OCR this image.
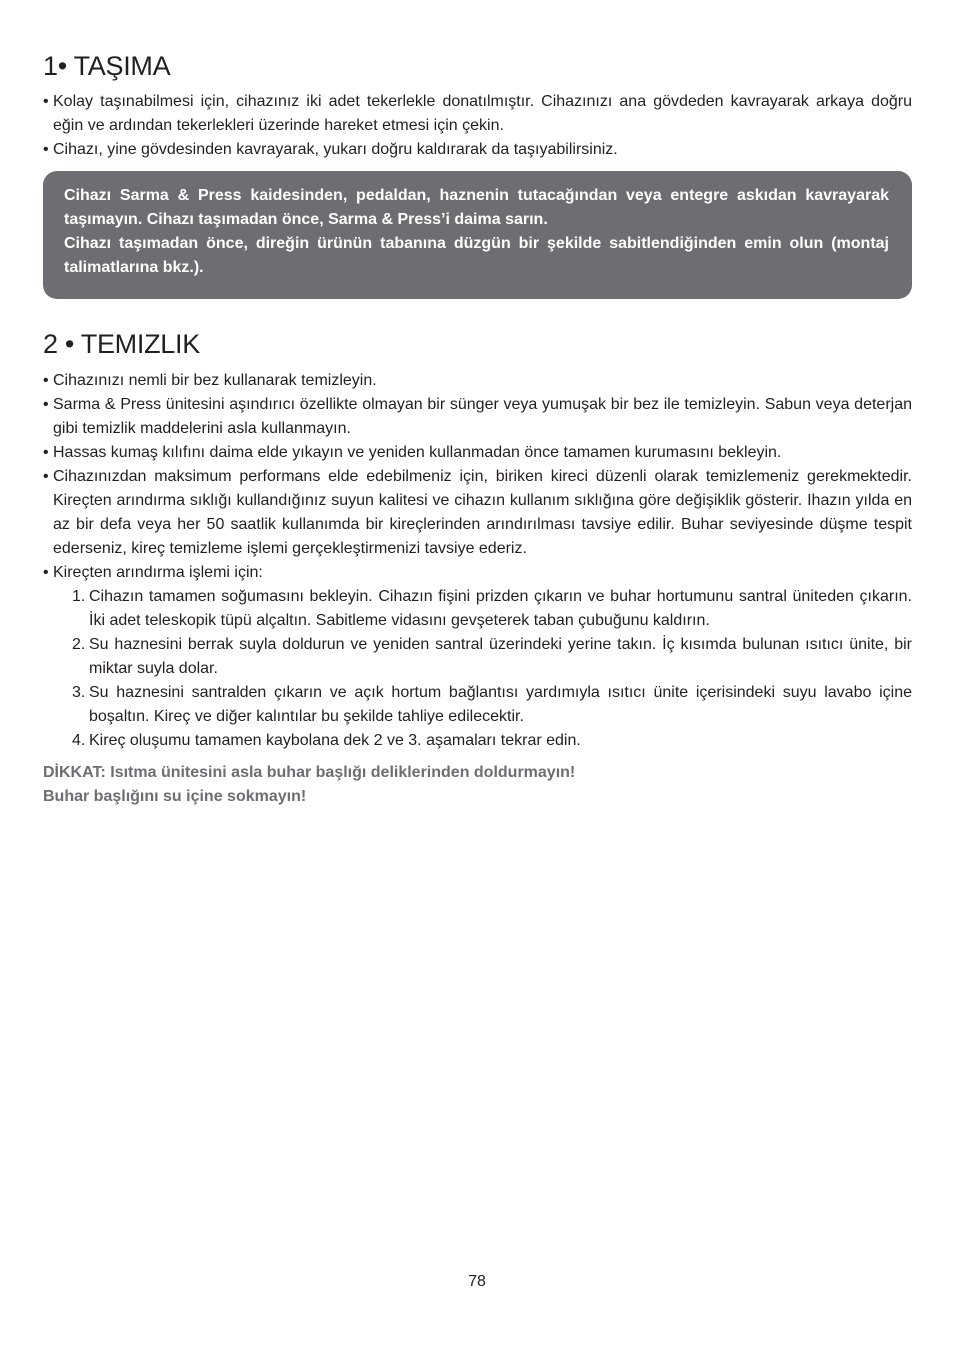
1• TAŞIMA
• Kolay taşınabilmesi için, cihazınız iki adet tekerlekle donatılmıştır. Cihazınızı ana gövdeden kavrayarak arkaya doğru eğin ve ardından tekerlekleri üzerinde hareket etmesi için çekin.
• Cihazı, yine gövdesinden kavrayarak, yukarı doğru kaldırarak da taşıyabilirsiniz.

Cihazı Sarma & Press kaidesinden, pedaldan, haznenin tutacağından veya entegre askıdan kavrayarak taşımayın. Cihazı taşımadan önce, Sarma & Press’i daima sarın.

Cihazı taşımadan önce, direğin ürünün tabanına düzgün bir şekilde sabitlendiğinden emin olun (montaj talimatlarına bkz.).

2 • TEMIZLIK
• Cihazınızı nemli bir bez kullanarak temizleyin.
• Sarma & Press ünitesini aşındırıcı özellikte olmayan bir sünger veya yumuşak bir bez ile temizleyin. Sabun veya deterjan gibi temizlik maddelerini asla kullanmayın.
• Hassas kumaş kılıfını daima elde yıkayın ve yeniden kullanmadan önce tamamen kurumasını bekleyin.
• Cihazınızdan maksimum performans elde edebilmeniz için, biriken kireci düzenli olarak temizlemeniz gerekmektedir. Kireçten arındırma sıklığı kullandığınız suyun kalitesi ve cihazın kullanım sıklığına göre değişiklik gösterir. Ihazın yılda en az bir defa veya her 50 saatlik kullanımda bir kireçlerinden arındırılması tavsiye edilir. Buhar seviyesinde düşme tespit ederseniz, kireç temizleme işlemi gerçekleştirmenizi tavsiye ederiz.
• Kireçten arındırma işlemi için:
1. Cihazın tamamen soğumasını bekleyin. Cihazın fişini prizden çıkarın ve buhar hortumunu santral üniteden çıkarın. İki adet teleskopik tüpü alçaltın. Sabitleme vidasını gevşeterek taban çubuğunu kaldırın.
2. Su haznesini berrak suyla doldurun ve yeniden santral üzerindeki yerine takın. İç kısımda bulunan ısıtıcı ünite, bir miktar suyla dolar.
3. Su haznesini santralden çıkarın ve açık hortum bağlantısı yardımıyla ısıtıcı ünite içerisindeki suyu lavabo içine boşaltın. Kireç ve diğer kalıntılar bu şekilde tahliye edilecektir.
4. Kireç oluşumu tamamen kaybolana dek 2 ve 3. aşamaları tekrar edin.

DİKKAT: Isıtma ünitesini asla buhar başlığı deliklerinden doldurmayın!

Buhar başlığını su içine sokmayın!

78
